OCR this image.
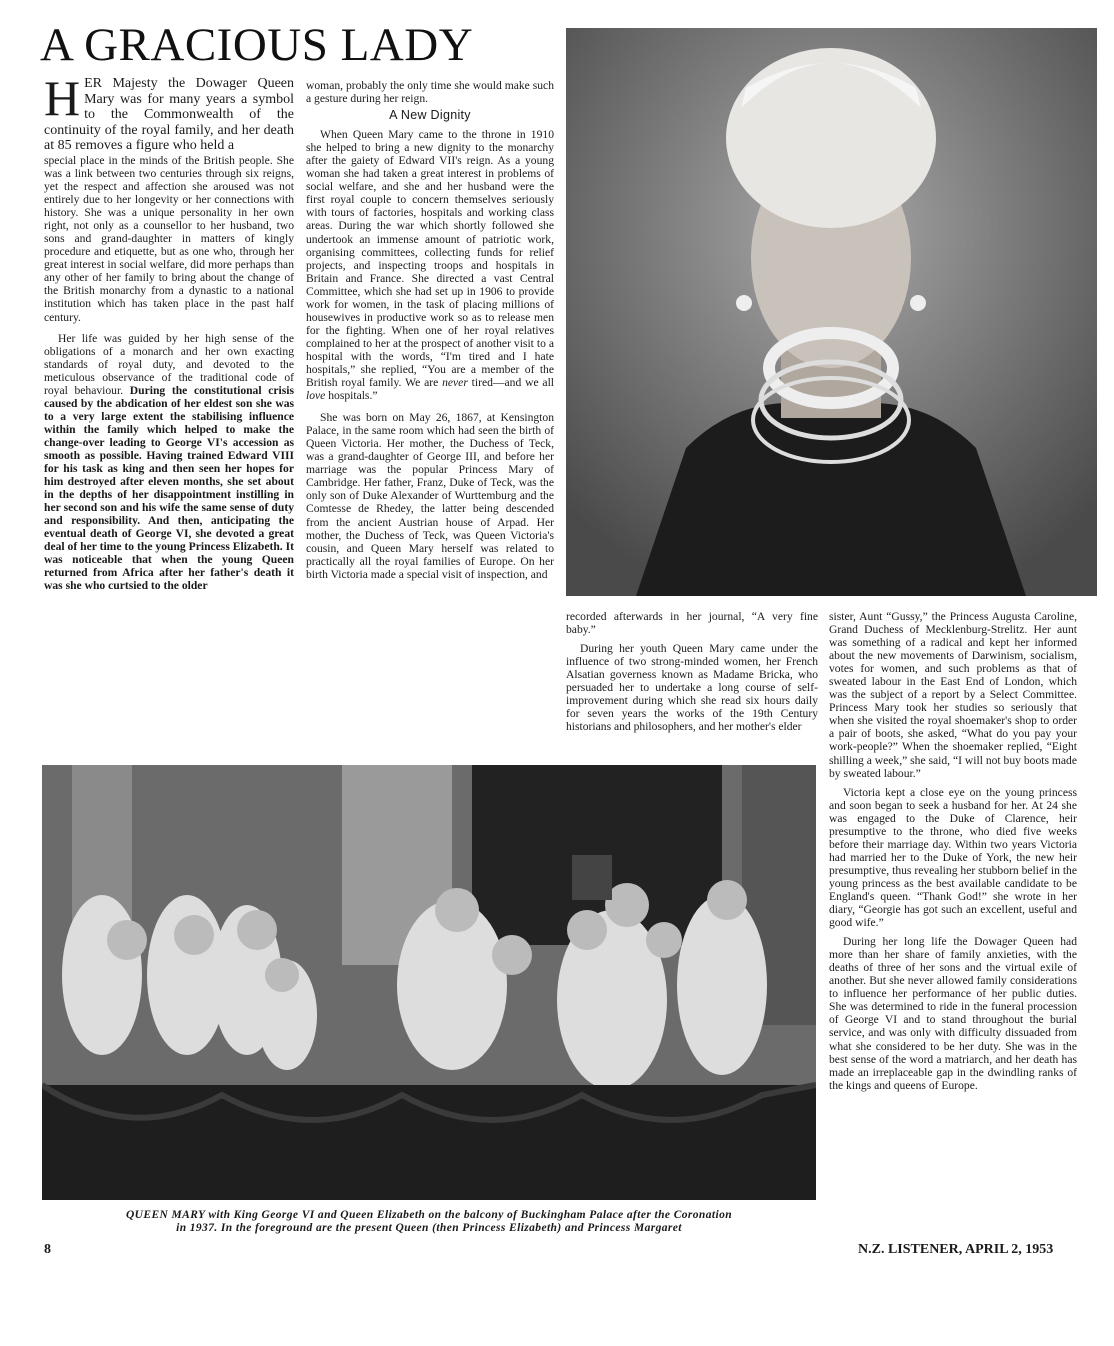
A GRACIOUS LADY

HER Majesty the Dowager Queen Mary was for many years a symbol to the Commonwealth of the continuity of the royal family, and her death at 85 removes a figure who held a

special place in the minds of the British people. She was a link between two centuries through six reigns, yet the respect and affection she aroused was not entirely due to her longevity or her connections with history. She was a unique personality in her own right, not only as a counsellor to her husband, two sons and grand-daughter in matters of kingly procedure and etiquette, but as one who, through her great interest in social welfare, did more perhaps than any other of her family to bring about the change of the British monarchy from a dynastic to a national institution which has taken place in the past half century.

Her life was guided by her high sense of the obligations of a monarch and her own exacting standards of royal duty, and devoted to the meticulous observance of the traditional code of royal behaviour. During the constitutional crisis caused by the abdication of her eldest son she was to a very large extent the stabilising influence within the family which helped to make the change-over leading to George VI's accession as smooth as possible. Having trained Edward VIII for his task as king and then seen her hopes for him destroyed after eleven months, she set about in the depths of her disappointment instilling in her second son and his wife the same sense of duty and responsibility. And then, anticipating the eventual death of George VI, she devoted a great deal of her time to the young Princess Elizabeth. It was noticeable that when the young Queen returned from Africa after her father's death it was she who curtsied to the older

woman, probably the only time she would make such a gesture during her reign.

A New Dignity

When Queen Mary came to the throne in 1910 she helped to bring a new dignity to the monarchy after the gaiety of Edward VII's reign. As a young woman she had taken a great interest in problems of social welfare, and she and her husband were the first royal couple to concern themselves seriously with tours of factories, hospitals and working class areas. During the war which shortly followed she undertook an immense amount of patriotic work, organising committees, collecting funds for relief projects, and inspecting troops and hospitals in Britain and France. She directed a vast Central Committee, which she had set up in 1906 to provide work for women, in the task of placing millions of housewives in productive work so as to release men for the fighting. When one of her royal relatives complained to her at the prospect of another visit to a hospital with the words, “I'm tired and I hate hospitals,” she replied, “You are a member of the British royal family. We are never tired—and we all love hospitals.”

She was born on May 26, 1867, at Kensington Palace, in the same room which had seen the birth of Queen Victoria. Her mother, the Duchess of Teck, was a grand-daughter of George III, and before her marriage was the popular Princess Mary of Cambridge. Her father, Franz, Duke of Teck, was the only son of Duke Alexander of Wurttemburg and the Comtesse de Rhedey, the latter being descended from the ancient Austrian house of Arpad. Her mother, the Duchess of Teck, was Queen Victoria's cousin, and Queen Mary herself was related to practically all the royal families of Europe. On her birth Victoria made a special visit of inspection, and

recorded afterwards in her journal, “A very fine baby.”

During her youth Queen Mary came under the influence of two strong-minded women, her French Alsatian governess known as Madame Bricka, who persuaded her to undertake a long course of self-improvement during which she read six hours daily for seven years the works of the 19th Century historians and philosophers, and her mother's elder

sister, Aunt “Gussy,” the Princess Augusta Caroline, Grand Duchess of Mecklenburg-Strelitz. Her aunt was something of a radical and kept her informed about the new movements of Darwinism, socialism, votes for women, and such problems as that of sweated labour in the East End of London, which was the subject of a report by a Select Committee. Princess Mary took her studies so seriously that when she visited the royal shoemaker's shop to order a pair of boots, she asked, “What do you pay your work-people?” When the shoemaker replied, “Eight shilling a week,” she said, “I will not buy boots made by sweated labour.”

Victoria kept a close eye on the young princess and soon began to seek a husband for her. At 24 she was engaged to the Duke of Clarence, heir presumptive to the throne, who died five weeks before their marriage day. Within two years Victoria had married her to the Duke of York, the new heir presumptive, thus revealing her stubborn belief in the young princess as the best available candidate to be England's queen. “Thank God!” she wrote in her diary, “Georgie has got such an excellent, useful and good wife.”

During her long life the Dowager Queen had more than her share of family anxieties, with the deaths of three of her sons and the virtual exile of another. But she never allowed family considerations to influence her performance of her public duties. She was determined to ride in the funeral procession of George VI and to stand throughout the burial service, and was only with difficulty dissuaded from what she considered to be her duty. She was in the best sense of the word a matriarch, and her death has made an irreplaceable gap in the dwindling ranks of the kings and queens of Europe.

QUEEN MARY with King George VI and Queen Elizabeth on the balcony of Buckingham Palace after the Coronation
in 1937. In the foreground are the present Queen (then Princess Elizabeth) and Princess Margaret
8	N.Z. LISTENER, APRIL 2, 1953
